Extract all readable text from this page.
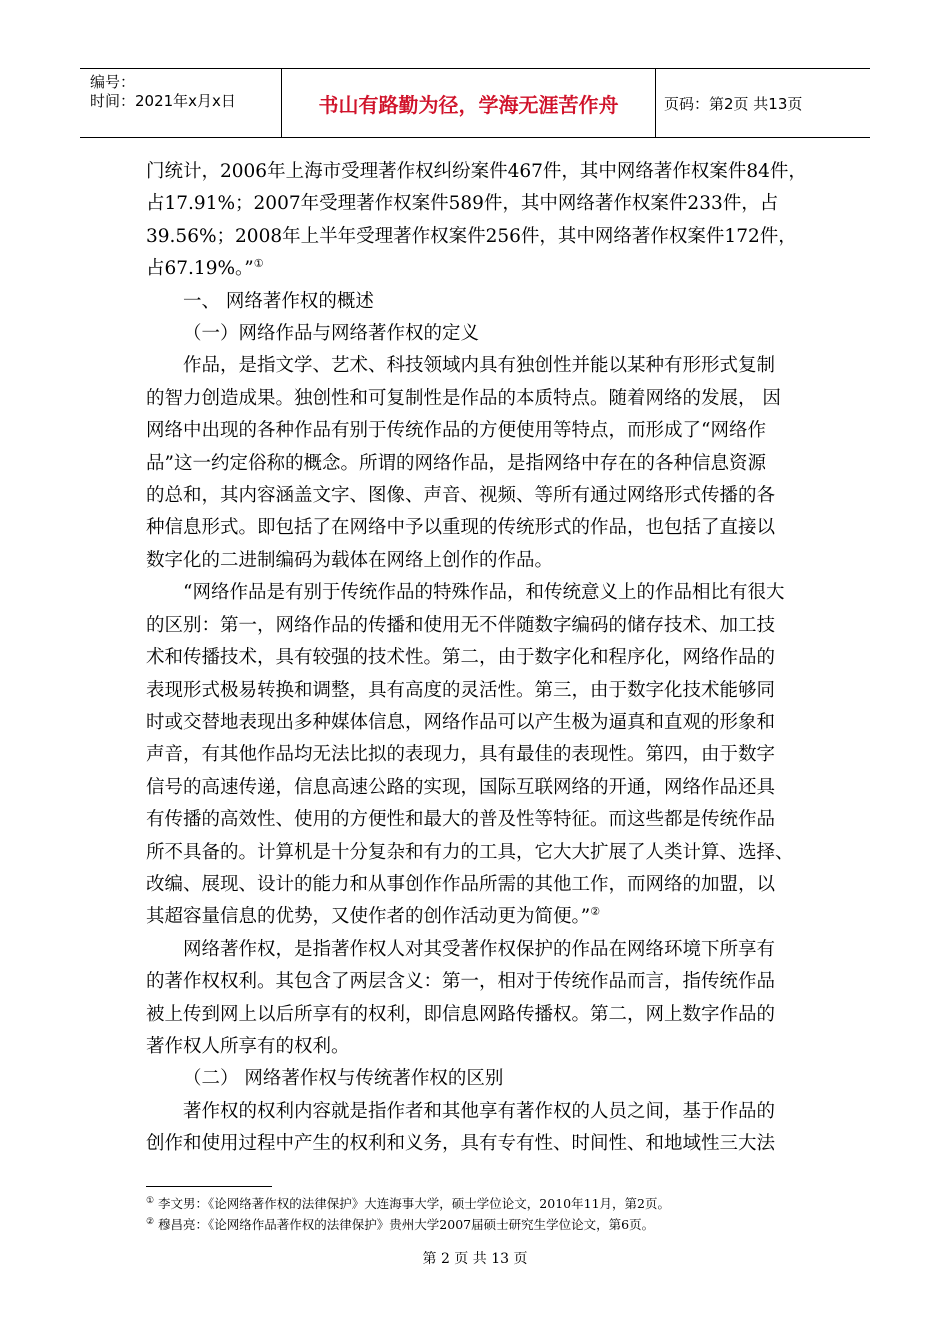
编号：
时间：2021年x月x日	书山有路勤为径，学海无涯苦作舟	页码：第2页 共13页

门统计，2006年上海市受理著作权纠纷案件467件，其中网络著作权案件84件，
占17.91%；2007年受理著作权案件589件，其中网络著作权案件233件，占
39.56%；2008年上半年受理著作权案件256件，其中网络著作权案件172件，
占67.19%。”①

一、 网络著作权的概述

（一）网络作品与网络著作权的定义

作品，是指文学、艺术、科技领域内具有独创性并能以某种有形形式复制
的智力创造成果。独创性和可复制性是作品的本质特点。随着网络的发展， 因
网络中出现的各种作品有别于传统作品的方便使用等特点，而形成了“网络作
品”这一约定俗称的概念。所谓的网络作品，是指网络中存在的各种信息资源
的总和，其内容涵盖文字、图像、声音、视频、等所有通过网络形式传播的各
种信息形式。即包括了在网络中予以重现的传统形式的作品，也包括了直接以
数字化的二进制编码为载体在网络上创作的作品。

“网络作品是有别于传统作品的特殊作品，和传统意义上的作品相比有很大
的区别：第一，网络作品的传播和使用无不伴随数字编码的储存技术、加工技
术和传播技术，具有较强的技术性。第二，由于数字化和程序化，网络作品的
表现形式极易转换和调整，具有高度的灵活性。第三，由于数字化技术能够同
时或交替地表现出多种媒体信息，网络作品可以产生极为逼真和直观的形象和
声音，有其他作品均无法比拟的表现力，具有最佳的表现性。第四，由于数字
信号的高速传递，信息高速公路的实现，国际互联网络的开通，网络作品还具
有传播的高效性、使用的方便性和最大的普及性等特征。而这些都是传统作品
所不具备的。计算机是十分复杂和有力的工具，它大大扩展了人类计算、选择、
改编、展现、设计的能力和从事创作作品所需的其他工作，而网络的加盟，以
其超容量信息的优势，又使作者的创作活动更为简便。”②

网络著作权，是指著作权人对其受著作权保护的作品在网络环境下所享有
的著作权权利。其包含了两层含义：第一，相对于传统作品而言，指传统作品
被上传到网上以后所享有的权利，即信息网路传播权。第二，网上数字作品的
著作权人所享有的权利。

（二） 网络著作权与传统著作权的区别

著作权的权利内容就是指作者和其他享有著作权的人员之间，基于作品的
创作和使用过程中产生的权利和义务，具有专有性、时间性、和地域性三大法

① 李文男：《论网络著作权的法律保护》大连海事大学，硕士学位论文，2010年11月，第2页。
② 穆昌亮：《论网络作品著作权的法律保护》贵州大学2007届硕士研究生学位论文，第6页。
第 2 页 共 13 页
